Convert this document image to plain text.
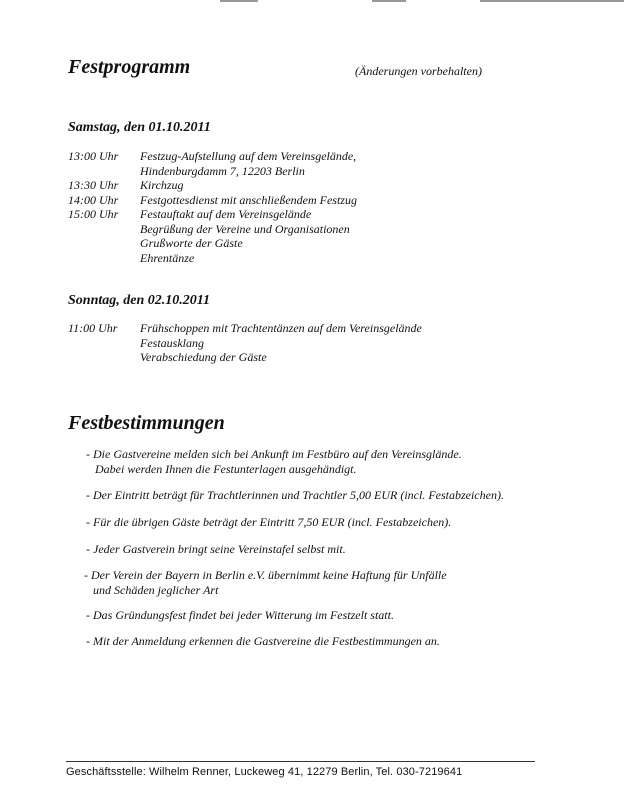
Festprogramm	(Änderungen vorbehalten)
Samstag, den 01.10.2011
13:00 Uhr	Festzug-Aufstellung auf dem Vereinsgelände,
Hindenburgdamm 7, 12203 Berlin
13:30 Uhr	Kirchzug
14:00 Uhr	Festgottesdienst mit anschließendem Festzug
15:00 Uhr	Festauftakt auf dem Vereinsgelände
Begrüßung der Vereine und Organisationen
Grußworte der Gäste
Ehrentänze
Sonntag, den 02.10.2011
11:00 Uhr	Frühschoppen mit Trachtentänzen auf dem Vereinsgelände
Festausklang
Verabschiedung der Gäste
Festbestimmungen
- Die Gastvereine melden sich bei Ankunft im Festbüro auf den Vereinsglände.
Dabei werden Ihnen die Festunterlagen ausgehändigt.
- Der Eintritt beträgt für Trachtlerinnen und Trachtler 5,00 EUR (incl. Festabzeichen).
- Für die übrigen Gäste beträgt der Eintritt 7,50 EUR (incl. Festabzeichen).
- Jeder Gastverein bringt seine Vereinstafel selbst mit.
- Der Verein der Bayern in Berlin e.V. übernimmt keine Haftung für Unfälle
und Schäden jeglicher Art
- Das Gründungsfest findet bei jeder Witterung im Festzelt statt.
- Mit der Anmeldung erkennen die Gastvereine die Festbestimmungen an.
Geschäftsstelle: Wilhelm Renner, Luckeweg 41, 12279 Berlin, Tel. 030-7219641
